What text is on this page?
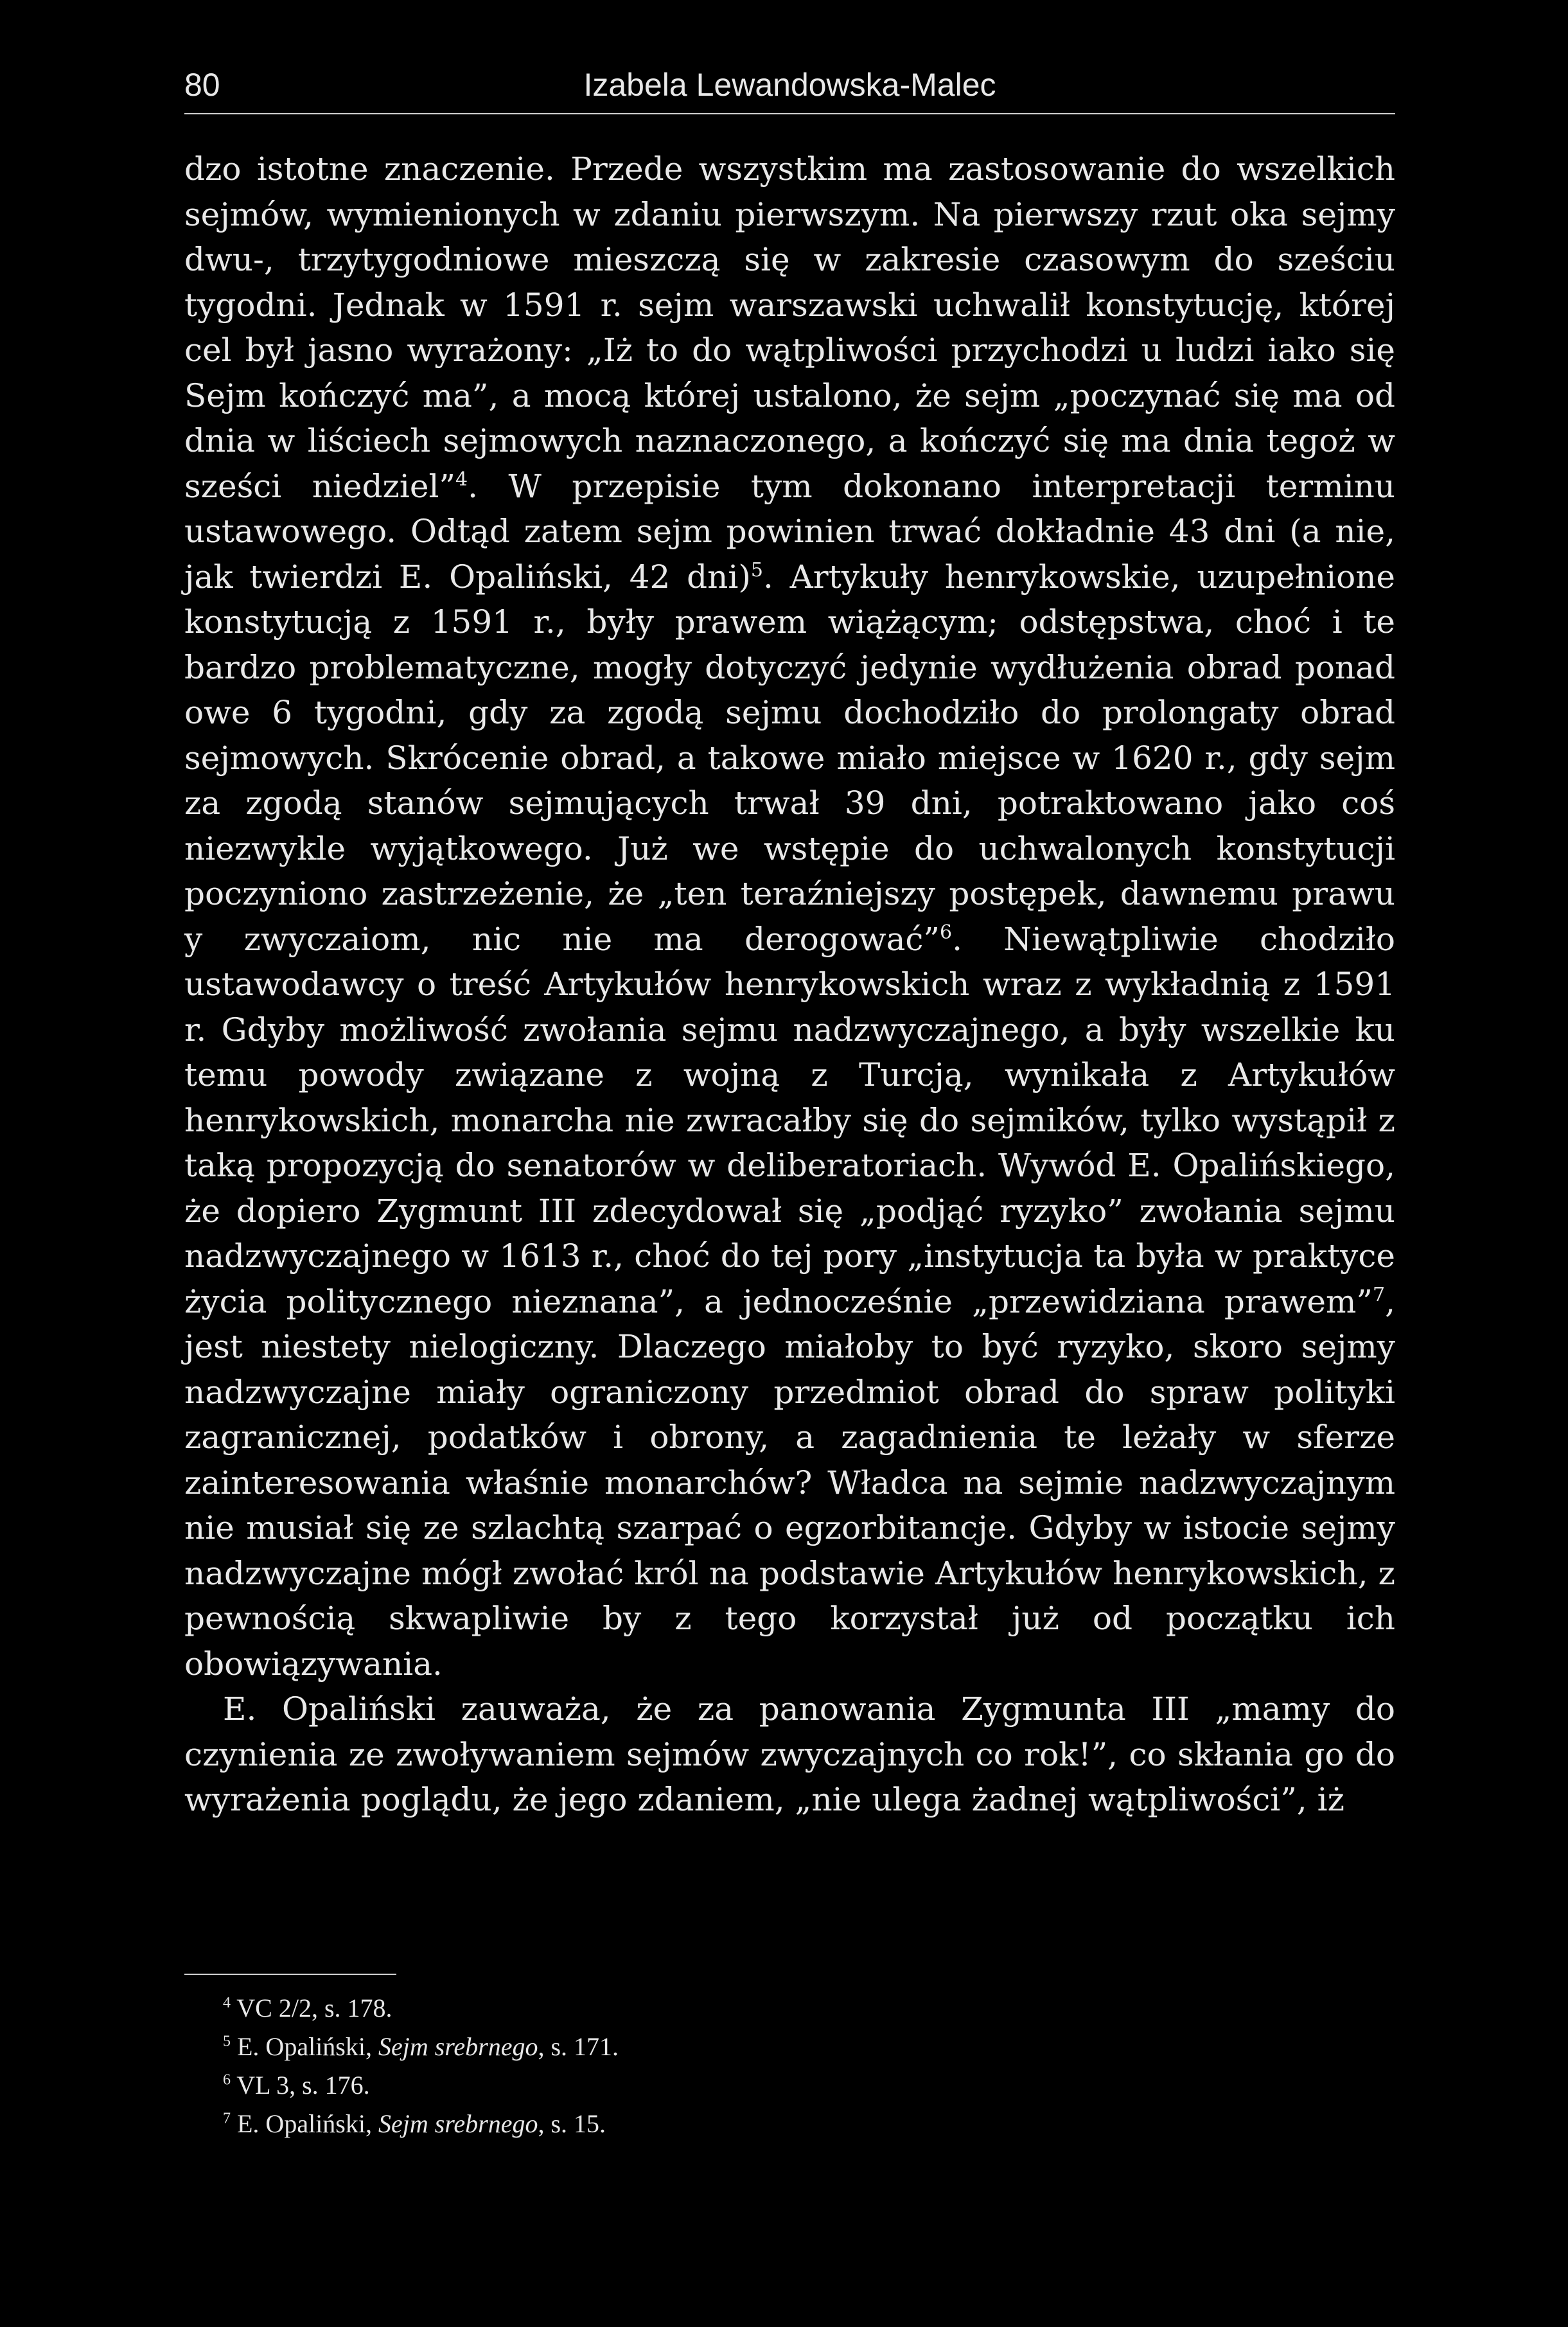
80	Izabela Lewandowska-Malec

dzo istotne znaczenie. Przede wszystkim ma zastosowanie do wszelkich sejmów, wymienionych w zdaniu pierwszym. Na pierwszy rzut oka sejmy dwu-, trzytygodniowe mieszczą się w zakresie czasowym do sześciu tygodni. Jednak w 1591 r. sejm warszawski uchwalił konstytucję, której cel był jasno wyrażony: „Iż to do wątpliwości przychodzi u ludzi iako się Sejm kończyć ma”, a mocą której ustalono, że sejm „poczynać się ma od dnia w liściech sejmowych naznaczonego, a kończyć się ma dnia tegoż w sześci niedziel”$^4$. W przepisie tym dokonano interpretacji terminu ustawowego. Odtąd zatem sejm powinien trwać dokładnie 43 dni (a nie, jak twierdzi E. Opaliński, 42 dni)$^5$. Artykuły henrykowskie, uzupełnione konstytucją z 1591 r., były prawem wiążącym; odstępstwa, choć i te bardzo problematyczne, mogły dotyczyć jedynie wydłużenia obrad ponad owe 6 tygodni, gdy za zgodą sejmu dochodziło do prolongaty obrad sejmowych. Skrócenie obrad, a takowe miało miejsce w 1620 r., gdy sejm za zgodą stanów sejmujących trwał 39 dni, potraktowano jako coś niezwykle wyjątkowego. Już we wstępie do uchwalonych konstytucji poczyniono zastrzeżenie, że „ten teraźniejszy postępek, dawnemu prawu y zwyczaiom, nic nie ma derogować”$^6$. Niewątpliwie chodziło ustawodawcy o treść Artykułów henrykowskich wraz z wykładnią z 1591 r. Gdyby możliwość zwołania sejmu nadzwyczajnego, a były wszelkie ku temu powody związane z wojną z Turcją, wynikała z Artykułów henrykowskich, monarcha nie zwracałby się do sejmików, tylko wystąpił z taką propozycją do senatorów w deliberatoriach. Wywód E. Opalińskiego, że dopiero Zygmunt III zdecydował się „podjąć ryzyko” zwołania sejmu nadzwyczajnego w 1613 r., choć do tej pory „instytucja ta była w praktyce życia politycznego nieznana”, a jednocześnie „przewidziana prawem”$^7$, jest niestety nielogiczny. Dlaczego miałoby to być ryzyko, skoro sejmy nadzwyczajne miały ograniczony przedmiot obrad do spraw polityki zagranicznej, podatków i obrony, a zagadnienia te leżały w sferze zainteresowania właśnie monarchów? Władca na sejmie nadzwyczajnym nie musiał się ze szlachtą szarpać o egzorbitancje. Gdyby w istocie sejmy nadzwyczajne mógł zwołać król na podstawie Artykułów henrykowskich, z pewnością skwapliwie by z tego korzystał już od początku ich obowiązywania.

E. Opaliński zauważa, że za panowania Zygmunta III „mamy do czynienia ze zwoływaniem sejmów zwyczajnych co rok!”, co skłania go do wyrażenia poglądu, że jego zdaniem, „nie ulega żadnej wątpliwości”, iż

$^4$ VC 2/2, s. 178.
$^5$ E. Opaliński, Sejm srebrnego, s. 171.
$^6$ VL 3, s. 176.
$^7$ E. Opaliński, Sejm srebrnego, s. 15.
